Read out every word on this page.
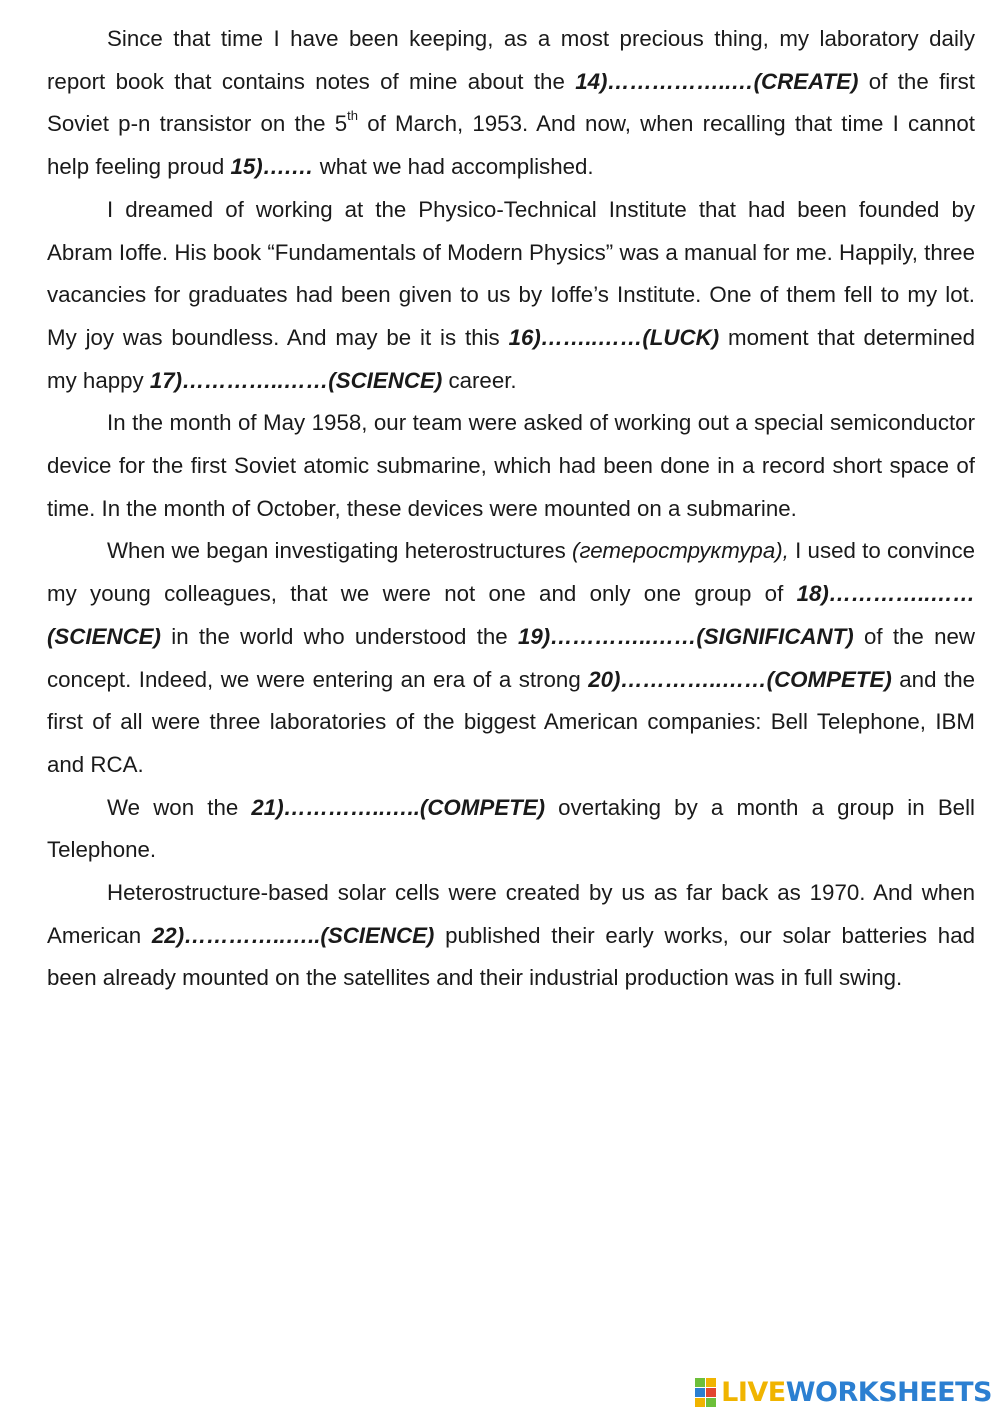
Since that time I have been keeping, as a most precious thing, my laboratory daily report book that contains notes of mine about the 14)……………..…(CREATE) of the first Soviet p-n transistor on the 5th of March, 1953. And now, when recalling that time I cannot help feeling proud 15)….… what we had accomplished.

I dreamed of working at the Physico-Technical Institute that had been founded by Abram Ioffe. His book “Fundamentals of Modern Physics” was a manual for me. Happily, three vacancies for graduates had been given to us by Ioffe’s Institute. One of them fell to my lot. My joy was boundless. And may be it is this 16)……..……(LUCK) moment that determined my happy 17)…………..……(SCIENCE) career.

In the month of May 1958, our team were asked of working out a special semiconductor device for the first Soviet atomic submarine, which had been done in a record short space of time. In the month of October, these devices were mounted on a submarine.

When we began investigating heterostructures (гетероструктура), I used to convince my young colleagues, that we were not one and only one group of 18)…………..……(SCIENCE) in the world who understood the 19)…………..……(SIGNIFICANT) of the new concept. Indeed, we were entering an era of a strong 20)…………..……(COMPETE) and the first of all were three laboratories of the biggest American companies: Bell Telephone, IBM and RCA.

We won the 21)…………..…..(COMPETE) overtaking by a month a group in Bell Telephone.

Heterostructure-based solar cells were created by us as far back as 1970. And when American 22)…………..…..(SCIENCE) published their early works, our solar batteries had been already mounted on the satellites and their industrial production was in full swing.

LIVEWORKSHEETS
